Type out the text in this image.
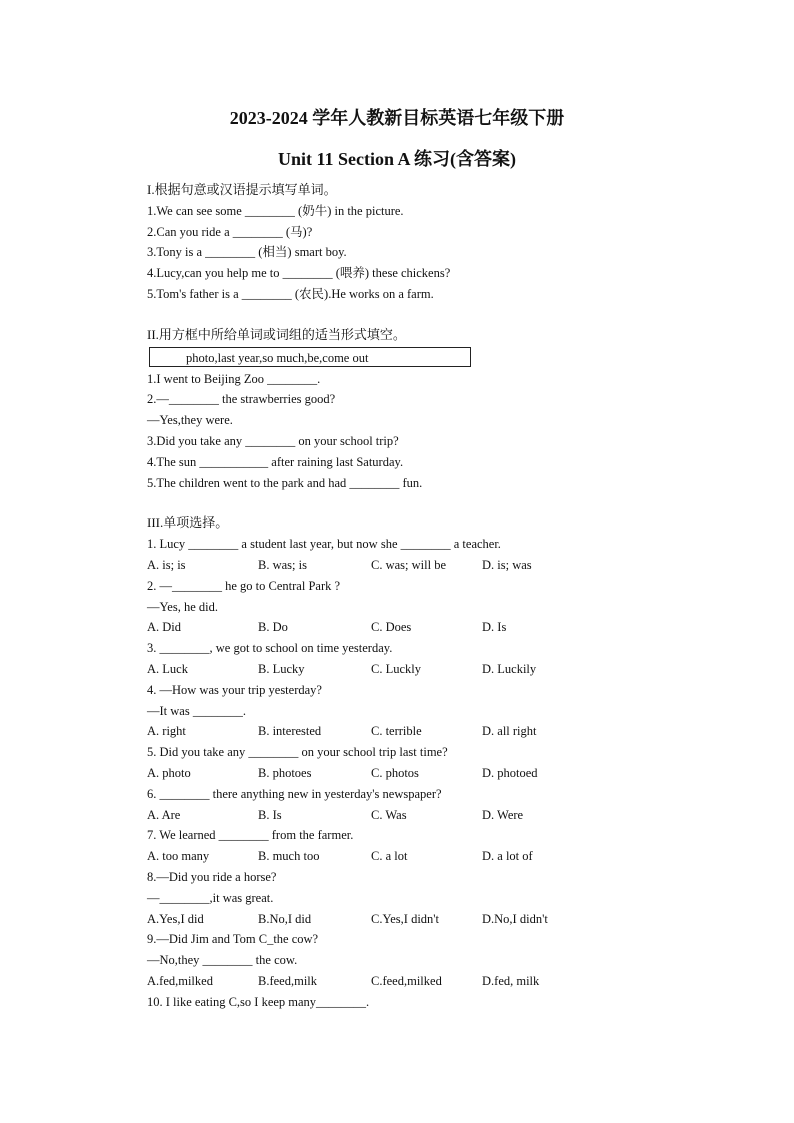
2023-2024 学年人教新目标英语七年级下册
Unit 11 Section A 练习(含答案)
I.根据句意或汉语提示填写单词。
1.We can see some ________ (奶牛) in the picture.
2.Can you ride a ________ (马)?
3.Tony is a ________ (相当) smart boy.
4.Lucy,can you help me to ________ (喂养) these chickens?
5.Tom's father is a ________ (农民).He works on a farm.
II.用方框中所给单词或词组的适当形式填空。
photo,last year,so much,be,come out
1.I went to Beijing Zoo ________.
2.—________ the strawberries good?
—Yes,they were.
3.Did you take any ________ on your school trip?
4.The sun ___________ after raining last Saturday.
5.The children went to the park and had ________ fun.
III.单项选择。
1. Lucy ________ a student last year, but now she ________ a teacher.
A. is; is	B. was; is	C. was; will be	D. is; was
2. —________ he go to Central Park ?
—Yes, he did.
A. Did	B. Do	C. Does	D. Is
3. ________, we got to school on time yesterday.
A. Luck	B. Lucky	C. Luckly	D. Luckily
4. —How was your trip yesterday?
—It was ________.
A. right	B. interested	C. terrible	D. all right
5. Did you take any ________ on your school trip last time?
A. photo	B. photoes	C. photos	D. photoed
6. ________ there anything new in yesterday's newspaper?
A. Are	B. Is	C. Was	D. Were
7. We learned ________ from the farmer.
A. too many	B. much too	C. a lot	D. a lot of
8.—Did you ride a horse?
—________,it was great.
A.Yes,I did	B.No,I did	C.Yes,I didn't	D.No,I didn't
9.—Did Jim and Tom C_the cow?
—No,they ________ the cow.
A.fed,milked	B.feed,milk	C.feed,milked	D.fed, milk
10. I like eating C,so I keep many________.
